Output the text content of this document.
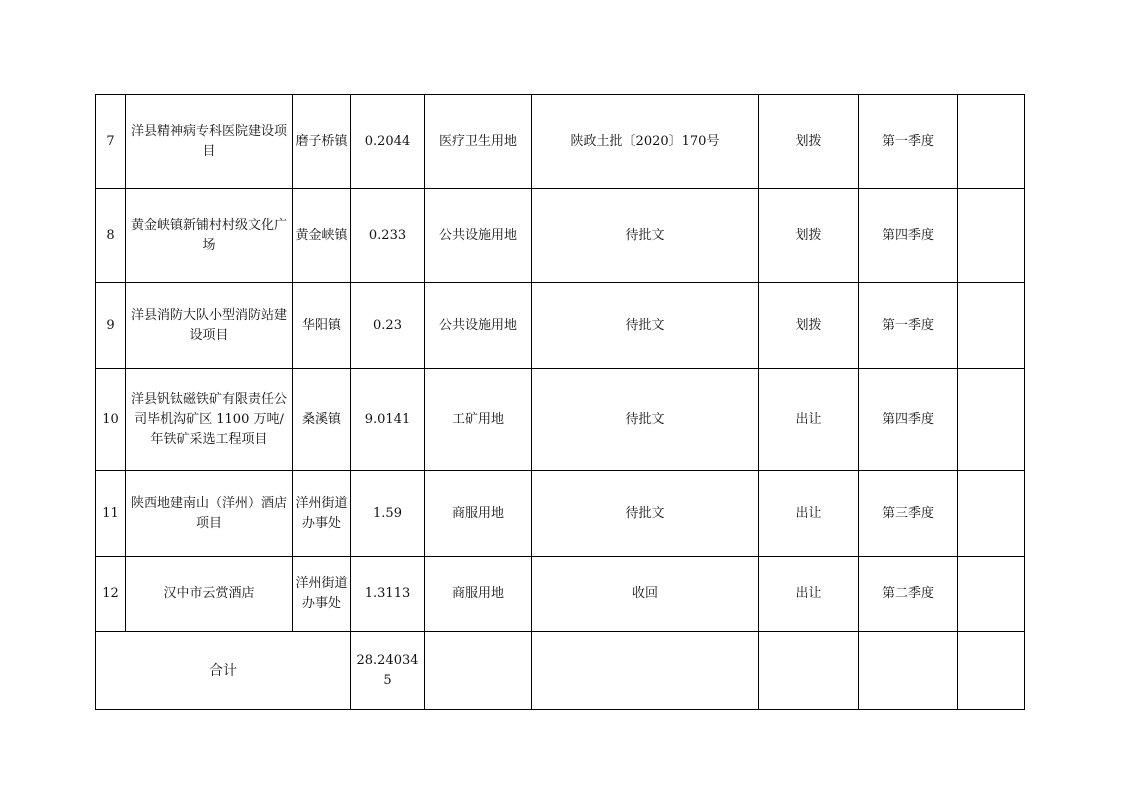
7	洋县精神病专科医院建设项目	磨子桥镇	0.2044	医疗卫生用地	陕政土批〔2020〕170号	划拨	第一季度	
8	黄金峡镇新铺村村级文化广场	黄金峡镇	0.233	公共设施用地	待批文	划拨	第四季度	
9	洋县消防大队小型消防站建设项目	华阳镇	0.23	公共设施用地	待批文	划拨	第一季度	
10	洋县钒钛磁铁矿有限责任公司毕机沟矿区 1100 万吨/年铁矿采选工程项目	桑溪镇	9.0141	工矿用地	待批文	出让	第四季度	
11	陕西地建南山（洋州）酒店项目	洋州街道办事处	1.59	商服用地	待批文	出让	第三季度	
12	汉中市云赏酒店	洋州街道办事处	1.3113	商服用地	收回	出让	第二季度	
合计			28.240345					
